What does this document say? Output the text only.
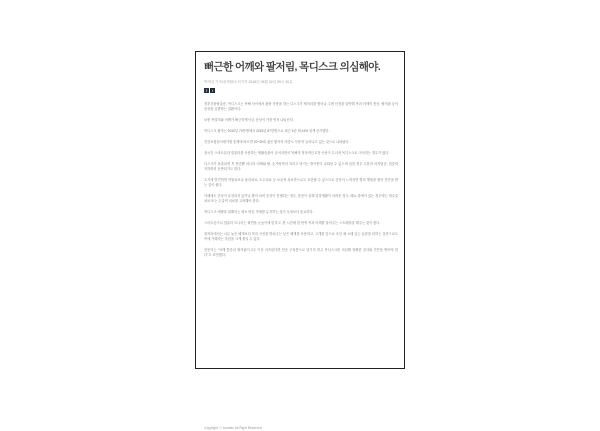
뻐근한 어깨와 팔저림, 목디스크 의심해야.
박재길 기자/취재팀/수석기자 2016년 05월 30일 09시 30분
f	t

경추간판탈출증, 목디스크는 목뼈 사이에서 완충 작용을 하는 디스크가 제자리를 벗어나 주변 신경을 압박해 목과 어깨의 통증, 팔저림 등의 증상을 유발하는 질환이다.

보통 목덜미와 어깨가 뻐근하게 아픈 증상이 가장 먼저 나타난다.

목디스크 환자는 2010년 70만명에서 2015년 87만명으로 최근 5년 새 24% 넘게 증가했다.

건강보험심사평가원 통계에 따르면 20~30대 젊은 환자의 비중도 꾸준히 늘어나고 있는 것으로 나타났다.

장시간 스마트폰과 컴퓨터를 사용하는 생활습관이 굳어지면서 목뼈의 정상적인 C자 곡선이 무너져 목디스크로 이어지는 경우가 많다.

디스크가 돌출되면 목 통증뿐 아니라 어깨와 팔, 손가락까지 저리고 당기는 방사통이 나타날 수 있으며 심한 경우 두통과 어지럼증, 집중력 저하까지 동반되기도 한다.

초기에 발견하면 약물치료나 물리치료, 도수치료 등 보존적 치료만으로도 호전될 수 있으므로 증상이 느껴지면 빨리 병원을 찾아 진단을 받는 것이 좋다.

이때에도 증상이 호전되지 않거나 팔의 마비 증상이 진행되는 경우, 통증이 심해 일상생활이 어려운 경우, 배뇨 장애가 있는 경우에는 비수술 치료 또는 수술적 치료를 고려해야 한다.

목디스크 예방을 위해서는 평소 바른 자세를 유지하는 것이 무엇보다 중요하다.

스마트폰이나 컴퓨터 모니터는 화면을 눈높이에 맞추고, 한 시간에 한 번씩 목과 어깨를 풀어주는 스트레칭을 해주는 것이 좋다.

잠자리에서는 너무 높은 베개보다 목의 곡선을 받쳐주는 낮은 베개를 사용하고, 고개를 앞으로 숙인 채 오래 있는 습관을 피하는 것만으로도 목에 가해지는 부담을 크게 줄일 수 있다.

전문의는 "어깨 통증과 팔저림이 2주 이상 지속된다면 단순 근육통으로 넘기지 말고 목디스크를 의심해 정확한 검사와 진단을 받아야 한다"고 조언했다.

Copyright ⓒ Acrofan All Right Reserved
